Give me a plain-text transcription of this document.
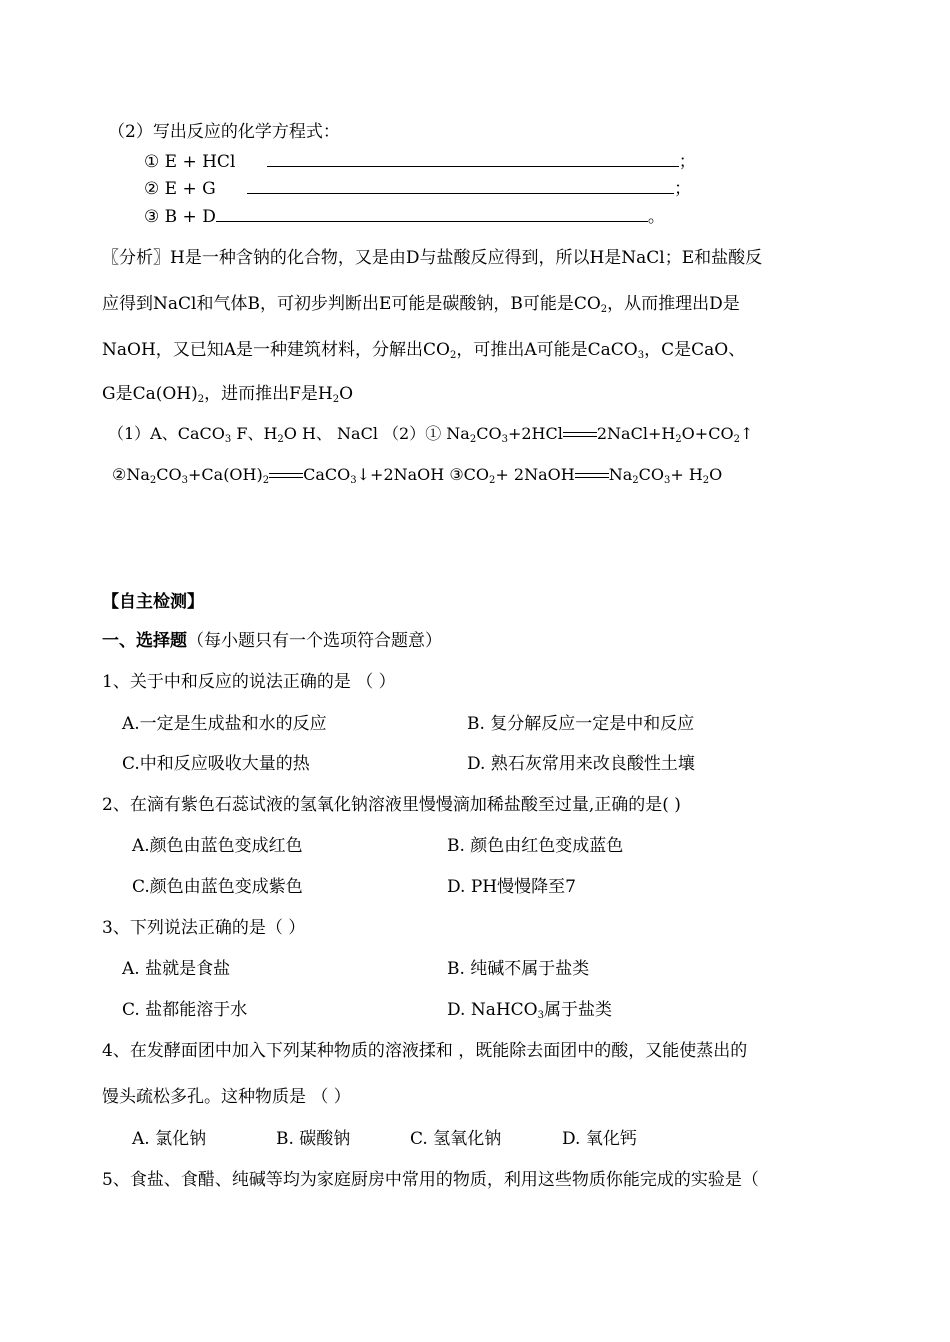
（2）写出反应的化学方程式：
① E + HCl	；
② E + G	；
③ B + D	。
〖分析〗H是一种含钠的化合物，又是由D与盐酸反应得到，所以H是NaCl；E和盐酸反
应得到NaCl和气体B，可初步判断出E可能是碳酸钠，B可能是$CO_2$，从而推理出D是
NaOH，又已知A是一种建筑材料，分解出$CO_2$，可推出A可能是CaCO$_3$，C是CaO、
G是$Ca(OH)_2$，进而推出F是$H_2O$
（1）A、CaCO$_3$ F、$H_2O$ H、 NaCl （2）① $Na_2CO_3+2HCl$ $2NaCl+H_2O+CO_2↑$
$②Na_2CO_3+Ca(OH)_2$ CaCO$_3$↓+2NaOH $③CO_2+$ 2NaOH $Na_2CO_3+ H_2O$
【自主检测】
一、选择题（每小题只有一个选项符合题意）
1、关于中和反应的说法正确的是 （ ）
A.一定是生成盐和水的反应	B. 复分解反应一定是中和反应
C.中和反应吸收大量的热	D. 熟石灰常用来改良酸性土壤
2、在滴有紫色石蕊试液的氢氧化钠溶液里慢慢滴加稀盐酸至过量,正确的是( )
A.颜色由蓝色变成红色	B. 颜色由红色变成蓝色
C.颜色由蓝色变成紫色	D. PH慢慢降至7
3、下列说法正确的是（ ）
A. 盐就是食盐	B. 纯碱不属于盐类
C. 盐都能溶于水	D. NaHCO$_3$属于盐类
4、在发酵面团中加入下列某种物质的溶液揉和 ，既能除去面团中的酸，又能使蒸出的
馒头疏松多孔。这种物质是 （ ）
A. 氯化钠	B. 碳酸钠	C. 氢氧化钠	D. 氧化钙
5、食盐、食醋、纯碱等均为家庭厨房中常用的物质，利用这些物质你能完成的实验是（
